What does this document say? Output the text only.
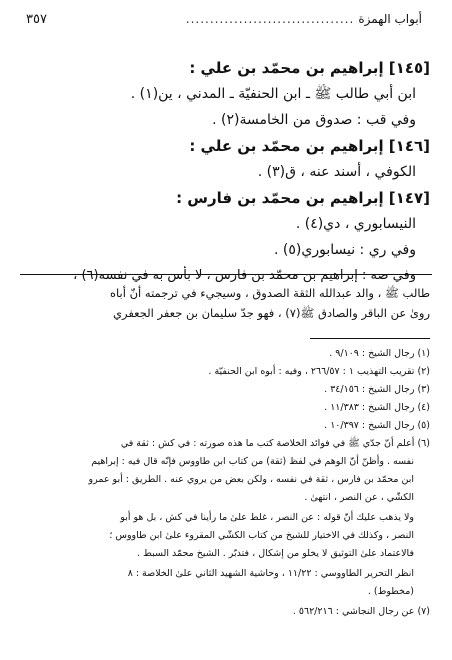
أبواب الهمزة
...................................
٣٥٧
[١٤٥] إبراهيم بن محمّد بن علي :
ابن أبي طالب ﷺ ـ ابن الحنفيّة ـ المدني ، ين(١) .
وفي قب : صدوق من الخامسة(٢) .
[١٤٦] إبراهيم بن محمّد بن علي :
الكوفي ، أسند عنه ، ق(٣) .
[١٤٧] إبراهيم بن محمّد بن فارس :
النيسابوري ، دي(٤) .
وفي ري : نيسابوري(٥) .
وفي صه : إبراهيم بن محمّد بن فارس ، لا بأس به في نفسه(٦) ،
طالب ﷺ ، والد عبدالله الثقة الصدوق ، وسيجيء في ترجمته أنّ أباه
روىٰ عن الباقر والصادق ﷺ(٧) ، فهو جدّ سليمان بن جعفر الجعفري
(١) رجال الشيخ : ٩/١٠٩ .
(٢) تقريب التهذيب ١ : ٢٦٦/٥٧ ، وفيه : أبوه ابن الحنفيّة .
(٣) رجال الشيخ : ٣٤/١٥٦ .
(٤) رجال الشيخ : ١١/٣٨٣ .
(٥) رجال الشيخ : ١٠/٣٩٧ .
(٦) أعلم أنّ جدّي ﷺ في فوائد الخلاصة كتب ما هذه صورته : في كش : ثقة في
نفسه . وأظنّ أنّ الوهم في لفظ (ثقة) من كتاب ابن طاووس فإنّه قال فيه : إبراهيم
ابن محمّد بن فارس ، ثقة في نفسه ، ولكن بعض من يروي عنه . الطريق : أبو عمرو
الكشّي ، عن النصر ، انتهىٰ .
ولا يذهب عليك أنّ قوله : عن النصر ، غلط علىٰ ما رأينا في كش ، بل هو أبو
النصر ، وكذلك في الاختيار للشيخ من كتاب الكشّي المقروء علىٰ ابن طاووس ؛
فالاعتماد علىٰ التوثيق لا يخلو من إشكال ، فتدبّر . الشيخ محمّد السبط .
انظر التحرير الطاووسي : ١١/٢٢ ، وحاشية الشهيد الثاني علىٰ الخلاصة : ٨
(مخطوط) .
(٧) عن رجال النجاشي : ٥٦٢/٢١٦ .
